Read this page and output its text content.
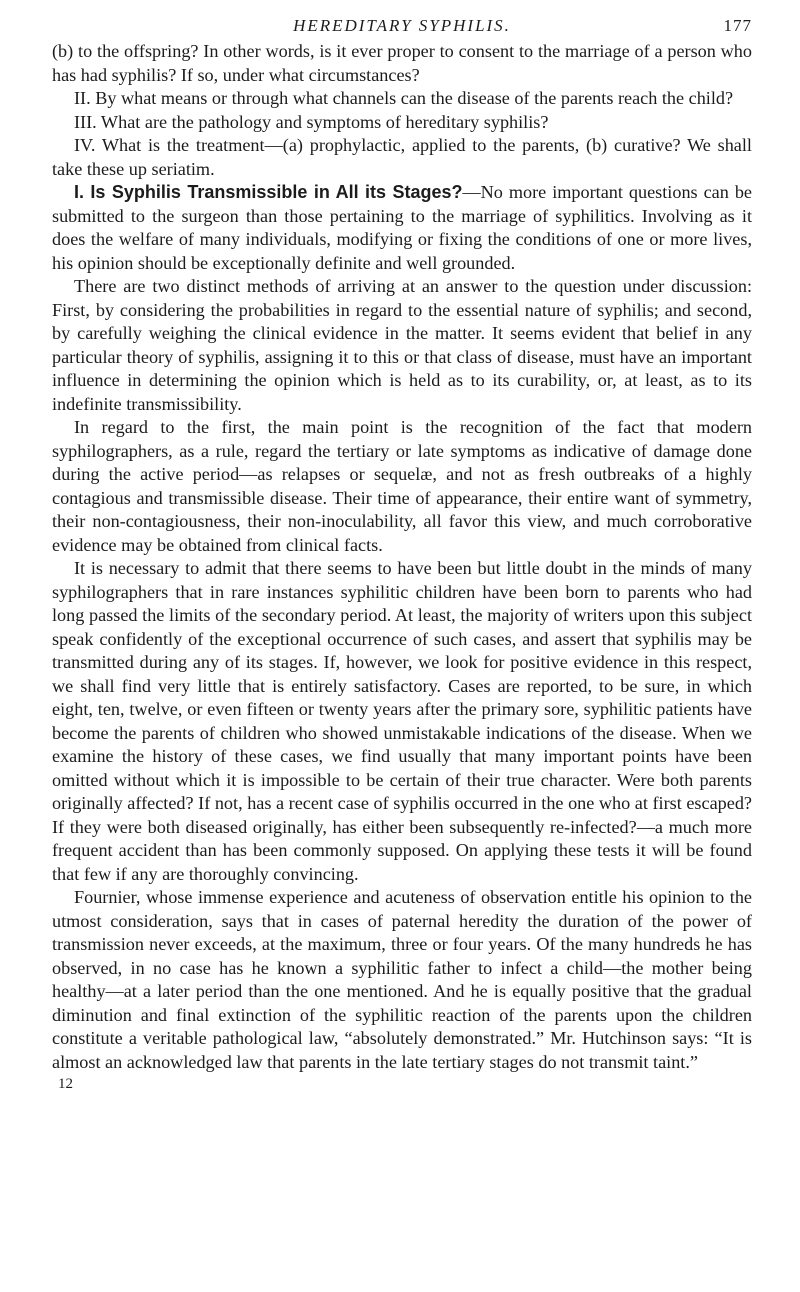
HEREDITARY SYPHILIS.	177

(b) to the offspring? In other words, is it ever proper to consent to the marriage of a person who has had syphilis? If so, under what circumstances?

II. By what means or through what channels can the disease of the parents reach the child?

III. What are the pathology and symptoms of hereditary syphilis?

IV. What is the treatment—(a) prophylactic, applied to the parents, (b) curative? We shall take these up seriatim.

I. Is Syphilis Transmissible in All its Stages?—No more important questions can be submitted to the surgeon than those pertaining to the marriage of syphilitics. Involving as it does the welfare of many individuals, modifying or fixing the conditions of one or more lives, his opinion should be exceptionally definite and well grounded.

There are two distinct methods of arriving at an answer to the question under discussion: First, by considering the probabilities in regard to the essential nature of syphilis; and second, by carefully weighing the clinical evidence in the matter. It seems evident that belief in any particular theory of syphilis, assigning it to this or that class of disease, must have an important influence in determining the opinion which is held as to its curability, or, at least, as to its indefinite transmissibility.

In regard to the first, the main point is the recognition of the fact that modern syphilographers, as a rule, regard the tertiary or late symptoms as indicative of damage done during the active period—as relapses or sequelæ, and not as fresh outbreaks of a highly contagious and transmissible disease. Their time of appearance, their entire want of symmetry, their non-contagiousness, their non-inoculability, all favor this view, and much corroborative evidence may be obtained from clinical facts.

It is necessary to admit that there seems to have been but little doubt in the minds of many syphilographers that in rare instances syphilitic children have been born to parents who had long passed the limits of the secondary period. At least, the majority of writers upon this subject speak confidently of the exceptional occurrence of such cases, and assert that syphilis may be transmitted during any of its stages. If, however, we look for positive evidence in this respect, we shall find very little that is entirely satisfactory. Cases are reported, to be sure, in which eight, ten, twelve, or even fifteen or twenty years after the primary sore, syphilitic patients have become the parents of children who showed unmistakable indications of the disease. When we examine the history of these cases, we find usually that many important points have been omitted without which it is impossible to be certain of their true character. Were both parents originally affected? If not, has a recent case of syphilis occurred in the one who at first escaped? If they were both diseased originally, has either been subsequently re-infected?—a much more frequent accident than has been commonly supposed. On applying these tests it will be found that few if any are thoroughly convincing.

Fournier, whose immense experience and acuteness of observation entitle his opinion to the utmost consideration, says that in cases of paternal heredity the duration of the power of transmission never exceeds, at the maximum, three or four years. Of the many hundreds he has observed, in no case has he known a syphilitic father to infect a child—the mother being healthy—at a later period than the one mentioned. And he is equally positive that the gradual diminution and final extinction of the syphilitic reaction of the parents upon the children constitute a veritable pathological law, “absolutely demonstrated.” Mr. Hutchinson says: “It is almost an acknowledged law that parents in the late tertiary stages do not transmit taint.”

12
